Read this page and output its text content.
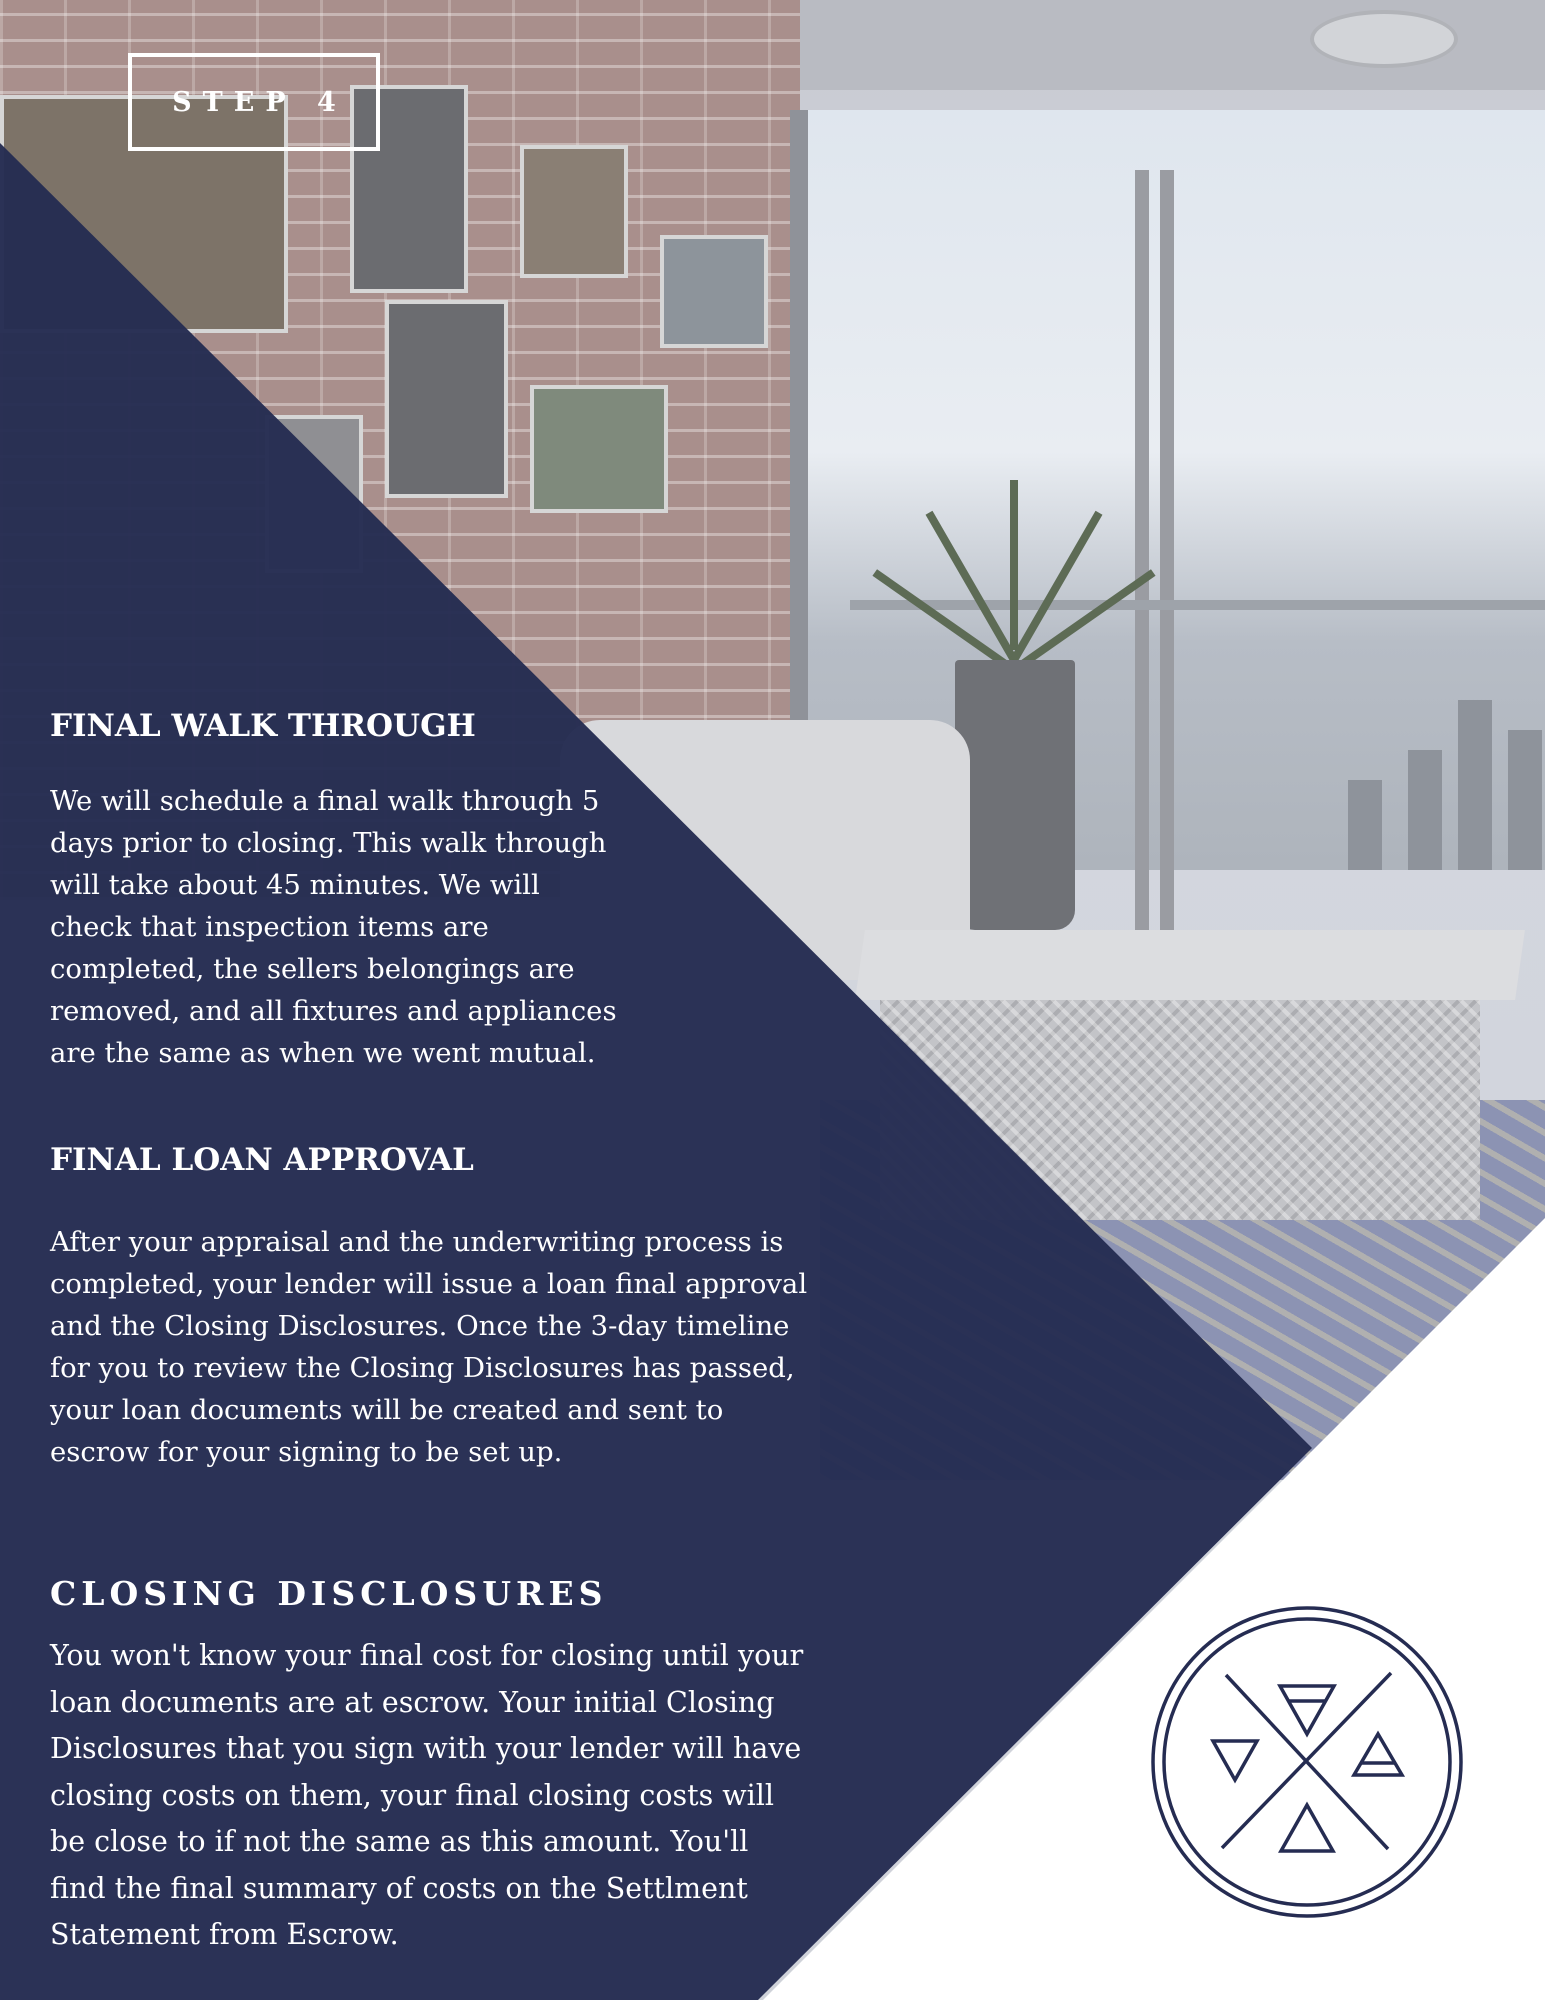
STEP 4
FINAL WALK THROUGH

We will schedule a final walk through 5
days prior to closing. This walk through
will take about 45 minutes. We will
check that inspection items are
completed, the sellers belongings are
removed, and all fixtures and appliances
are the same as when we went mutual.

FINAL LOAN APPROVAL

After your appraisal and the underwriting process is
completed, your lender will issue a loan final approval
and the Closing Disclosures. Once the 3-day timeline
for you to review the Closing Disclosures has passed,
your loan documents will be created and sent to
escrow for your signing to be set up.

CLOSING DISCLOSURES

You won't know your final cost for closing until your
loan documents are at escrow. Your initial Closing
Disclosures that you sign with your lender will have
closing costs on them, your final closing costs will
be close to if not the same as this amount. You'll
find the final summary of costs on the Settlment
Statement from Escrow.
